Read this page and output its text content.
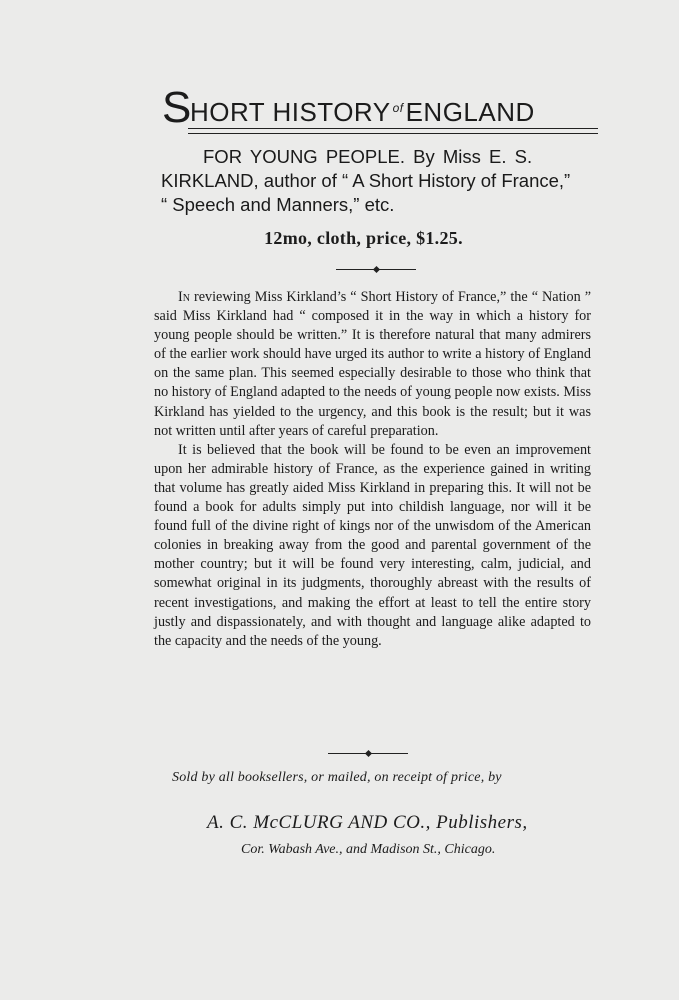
S
HORT HISTORY $^{of}$ENGLAND
FOR YOUNG PEOPLE. By Miss E. S.
KIRKLAND, author of “ A Short History of France,”
“ Speech and Manners,” etc.
12mo, cloth, price, $1.25.

In reviewing Miss Kirkland’s “ Short History of France,” the “ Nation ” said Miss Kirkland had “ composed it in the way in which a history for young people should be written.” It is therefore natural that many admirers of the earlier work should have urged its author to write a history of England on the same plan. This seemed especially desirable to those who think that no history of England adapted to the needs of young people now exists. Miss Kirkland has yielded to the urgency, and this book is the result; but it was not written until after years of careful preparation.

It is believed that the book will be found to be even an improvement upon her admirable history of France, as the experience gained in writing that volume has greatly aided Miss Kirkland in preparing this. It will not be found a book for adults simply put into childish language, nor will it be found full of the divine right of kings nor of the unwisdom of the American colonies in breaking away from the good and parental government of the mother country; but it will be found very interesting, calm, judicial, and somewhat original in its judgments, thoroughly abreast with the results of recent investigations, and making the effort at least to tell the entire story justly and dispassionately, and with thought and language alike adapted to the capacity and the needs of the young.

Sold by all booksellers, or mailed, on receipt of price, by
A. C. McCLURG AND CO., Publishers,
Cor. Wabash Ave., and Madison St., Chicago.
